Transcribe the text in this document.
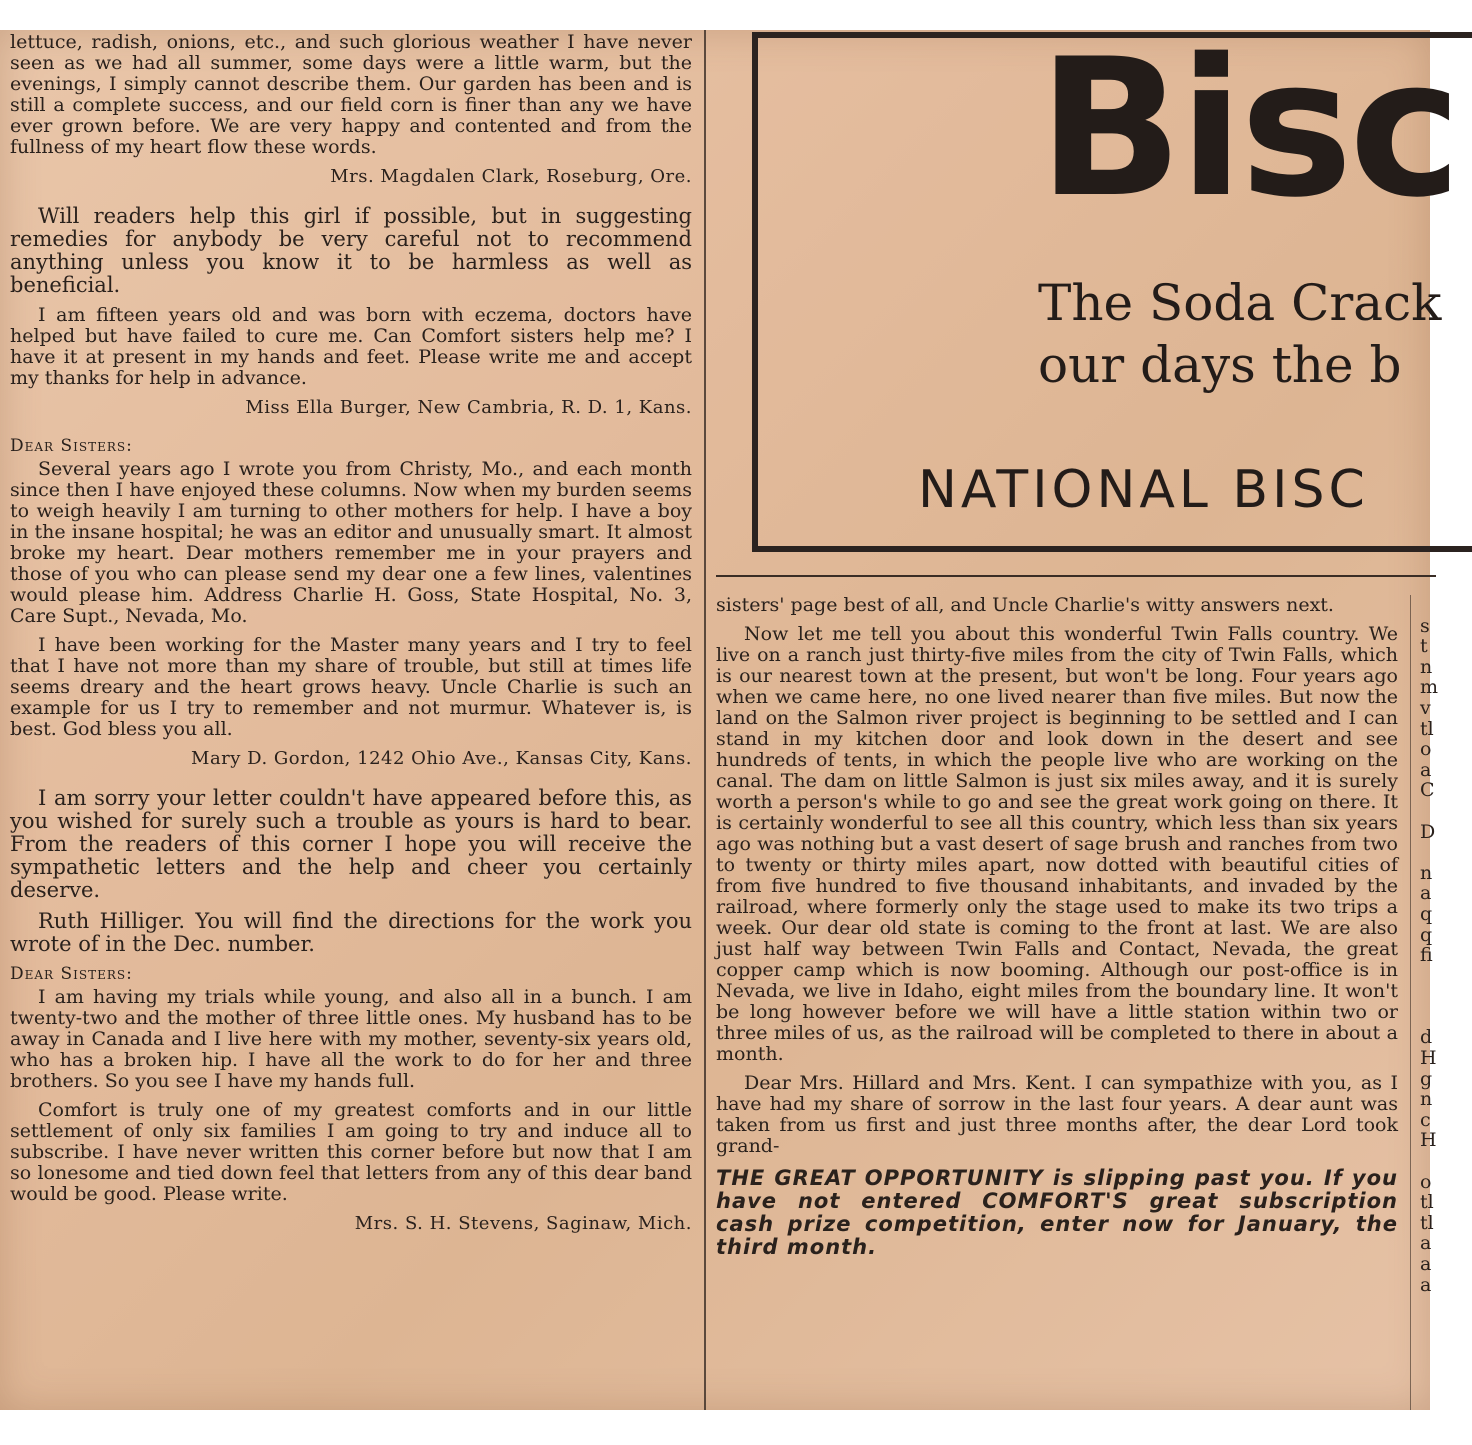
lettuce, radish, onions, etc., and such glorious weather I have never seen as we had all summer, some days were a little warm, but the evenings, I simply cannot describe them. Our garden has been and is still a complete success, and our field corn is finer than any we have ever grown before. We are very happy and contented and from the fullness of my heart flow these words.

Mrs. Magdalen Clark, Roseburg, Ore.

Will readers help this girl if possible, but in suggesting remedies for anybody be very careful not to recommend anything unless you know it to be harmless as well as beneficial.

I am fifteen years old and was born with eczema, doctors have helped but have failed to cure me. Can Comfort sisters help me? I have it at present in my hands and feet. Please write me and accept my thanks for help in advance.

Miss Ella Burger, New Cambria, R. D. 1, Kans.
Dear Sisters:

Several years ago I wrote you from Christy, Mo., and each month since then I have enjoyed these columns. Now when my burden seems to weigh heavily I am turning to other mothers for help. I have a boy in the insane hospital; he was an editor and unusually smart. It almost broke my heart. Dear mothers remember me in your prayers and those of you who can please send my dear one a few lines, valentines would please him. Address Charlie H. Goss, State Hospital, No. 3, Care Supt., Nevada, Mo.

I have been working for the Master many years and I try to feel that I have not more than my share of trouble, but still at times life seems dreary and the heart grows heavy. Uncle Charlie is such an example for us I try to remember and not murmur. Whatever is, is best. God bless you all.

Mary D. Gordon, 1242 Ohio Ave., Kansas City, Kans.

I am sorry your letter couldn't have appeared before this, as you wished for surely such a trouble as yours is hard to bear. From the readers of this corner I hope you will receive the sympathetic letters and the help and cheer you certainly deserve.

Ruth Hilliger. You will find the directions for the work you wrote of in the Dec. number.

Dear Sisters:

I am having my trials while young, and also all in a bunch. I am twenty-two and the mother of three little ones. My husband has to be away in Canada and I live here with my mother, seventy-six years old, who has a broken hip. I have all the work to do for her and three brothers. So you see I have my hands full.

Comfort is truly one of my greatest comforts and in our little settlement of only six families I am going to try and induce all to subscribe. I have never written this corner before but now that I am so lonesome and tied down feel that letters from any of this dear band would be good. Please write.

Mrs. S. H. Stevens, Saginaw, Mich.
Bisc
The Soda Crack
our days the b
NATIONAL BISC

sisters' page best of all, and Uncle Charlie's witty answers next.

Now let me tell you about this wonderful Twin Falls country. We live on a ranch just thirty-five miles from the city of Twin Falls, which is our nearest town at the present, but won't be long. Four years ago when we came here, no one lived nearer than five miles. But now the land on the Salmon river project is beginning to be settled and I can stand in my kitchen door and look down in the desert and see hundreds of tents, in which the people live who are working on the canal. The dam on little Salmon is just six miles away, and it is surely worth a person's while to go and see the great work going on there. It is certainly wonderful to see all this country, which less than six years ago was nothing but a vast desert of sage brush and ranches from two to twenty or thirty miles apart, now dotted with beautiful cities of from five hundred to five thousand inhabitants, and invaded by the railroad, where formerly only the stage used to make its two trips a week. Our dear old state is coming to the front at last. We are also just half way between Twin Falls and Contact, Nevada, the great copper camp which is now booming. Although our post-office is in Nevada, we live in Idaho, eight miles from the boundary line. It won't be long however before we will have a little station within two or three miles of us, as the railroad will be completed to there in about a month.

Dear Mrs. Hillard and Mrs. Kent. I can sympathize with you, as I have had my share of sorrow in the last four years. A dear aunt was taken from us first and just three months after, the dear Lord took grand-

THE GREAT OPPORTUNITY is slipping past you. If you have not entered COMFORT'S great subscription cash prize competition, enter now for January, the third month.
s
t
n
m
v
tl
o
a
C
D
n
a
q
q
fi
d
H
g
n
c
H
o
tl
tl
a
a
a
